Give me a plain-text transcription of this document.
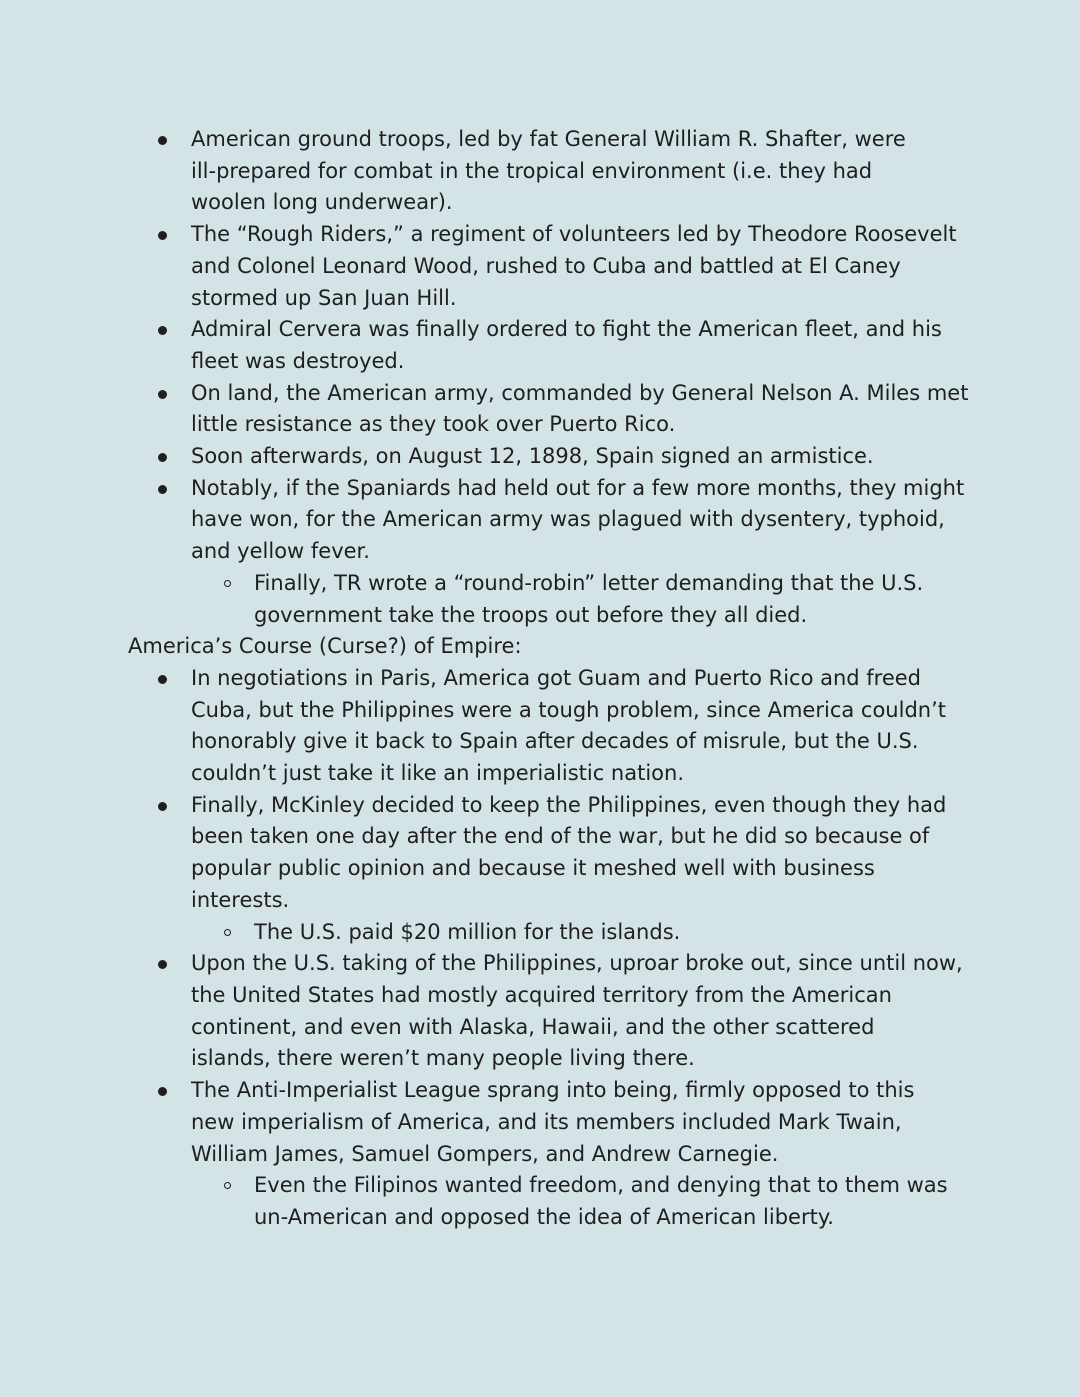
American ground troops, led by fat General William R. Shafter, were
ill-prepared for combat in the tropical environment (i.e. they had
woolen long underwear).
The “Rough Riders,” a regiment of volunteers led by Theodore Roosevelt
and Colonel Leonard Wood, rushed to Cuba and battled at El Caney
stormed up San Juan Hill.
Admiral Cervera was finally ordered to fight the American fleet, and his
fleet was destroyed.
On land, the American army, commanded by General Nelson A. Miles met
little resistance as they took over Puerto Rico.
Soon afterwards, on August 12, 1898, Spain signed an armistice.
Notably, if the Spaniards had held out for a few more months, they might
have won, for the American army was plagued with dysentery, typhoid,
and yellow fever.
Finally, TR wrote a “round-robin” letter demanding that the U.S.
government take the troops out before they all died.
America’s Course (Curse?) of Empire:
In negotiations in Paris, America got Guam and Puerto Rico and freed
Cuba, but the Philippines were a tough problem, since America couldn’t
honorably give it back to Spain after decades of misrule, but the U.S.
couldn’t just take it like an imperialistic nation.
Finally, McKinley decided to keep the Philippines, even though they had
been taken one day after the end of the war, but he did so because of
popular public opinion and because it meshed well with business
interests.
The U.S. paid $20 million for the islands.
Upon the U.S. taking of the Philippines, uproar broke out, since until now,
the United States had mostly acquired territory from the American
continent, and even with Alaska, Hawaii, and the other scattered
islands, there weren’t many people living there.
The Anti-Imperialist League sprang into being, firmly opposed to this
new imperialism of America, and its members included Mark Twain,
William James, Samuel Gompers, and Andrew Carnegie.
Even the Filipinos wanted freedom, and denying that to them was
un-American and opposed the idea of American liberty.
